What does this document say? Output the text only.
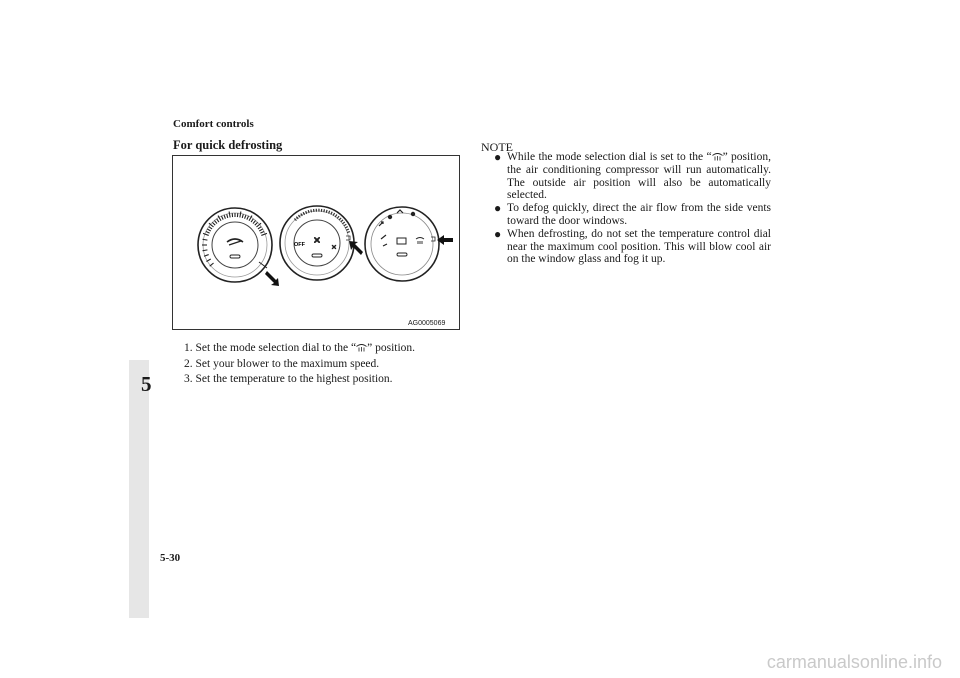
Comfort controls
5
5-30
For quick defrosting
OFF
AG0005069
1. Set the mode selection dial to the “ ” position.
2. Set your blower to the maximum speed.
3. Set the temperature to the highest position.
NOTE
● While the mode selection dial is set to the “ ” position, the air conditioning compressor will run automatically. The outside air position will also be automatically selected.
● To defog quickly, direct the air flow from the side vents toward the door windows.
● When defrosting, do not set the temperature control dial near the maximum cool position. This will blow cool air on the window glass and fog it up.
carmanualsonline.info
